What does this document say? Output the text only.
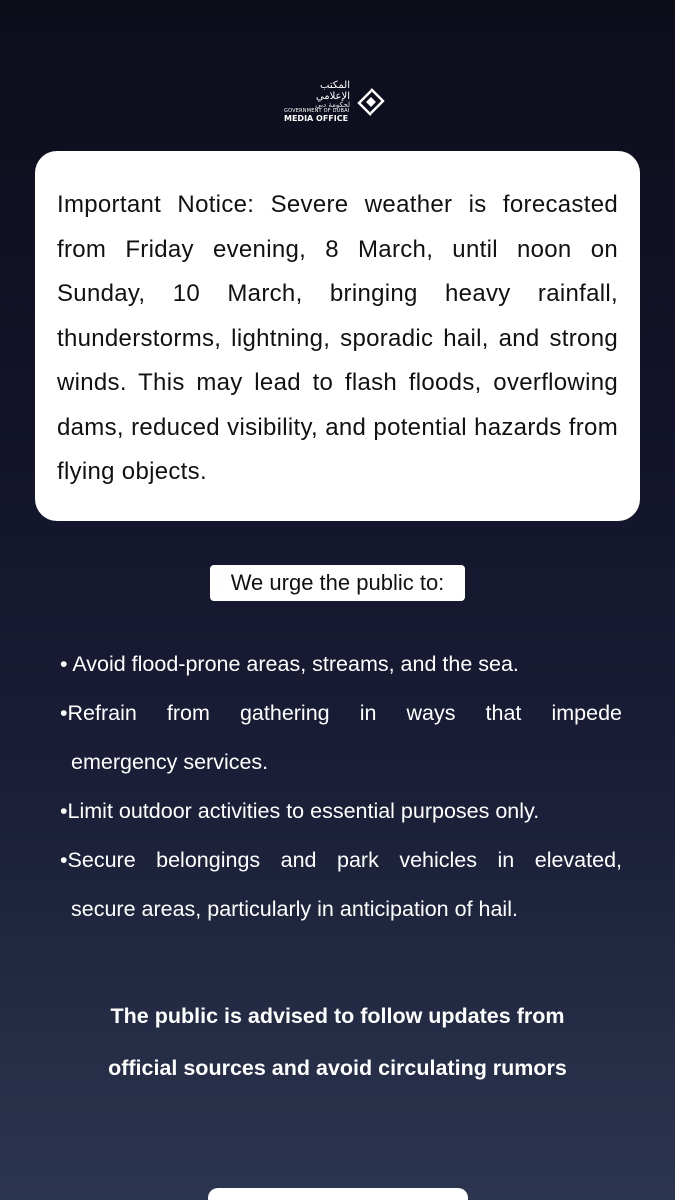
المكتب الإعلامي
لحكومة دبي
GOVERNMENT OF DUBAI
MEDIA OFFICE

Important Notice: Severe weather is forecasted from Friday evening, 8 March, until noon on Sunday, 10 March, bringing heavy rainfall, thunderstorms, lightning, sporadic hail, and strong winds. This may lead to flash floods, overflowing dams, reduced visibility, and potential hazards from flying objects.

We urge the public to:
• Avoid flood-prone areas, streams, and the sea.
•Refrain from gathering in ways that impede
emergency services.
•Limit outdoor activities to essential purposes only.
•Secure belongings and park vehicles in elevated,
secure areas, particularly in anticipation of hail.
The public is advised to follow updates from
official sources and avoid circulating rumors
